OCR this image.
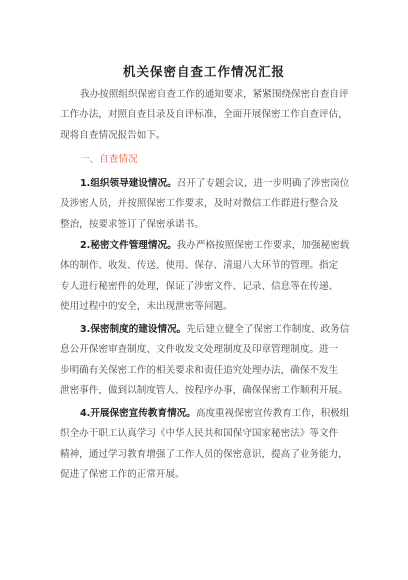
机关保密自查工作情况汇报
我办按照组织保密自查工作的通知要求，紧紧围绕保密自查自评
工作办法，对照自查目录及自评标准，全面开展保密工作自查评估，
现将自查情况报告如下。
一、自查情况
1.组织领导建设情况。召开了专题会议，进一步明确了涉密岗位
及涉密人员，并按照保密工作要求，及时对微信工作群进行整合及
整治，按要求签订了保密承诺书。
2.秘密文件管理情况。我办严格按照保密工作要求，加强秘密载
体的制作、收发、传送、使用、保存、清退八大环节的管理。指定
专人进行秘密件的处理，保证了涉密文件、记录、信息等在传递、
使用过程中的安全，未出现泄密等问题。
3.保密制度的建设情况。先后建立健全了保密工作制度、政务信
息公开保密审查制度、文件收发文处理制度及印章管理制度。进一
步明确有关保密工作的相关要求和责任追究处理办法，确保不发生
泄密事件，做到以制度管人、按程序办事，确保保密工作顺利开展。
4.开展保密宣传教育情况。高度重视保密宣传教育工作，积极组
织全办干职工认真学习《中华人民共和国保守国家秘密法》等文件
精神，通过学习教育增强了工作人员的保密意识，提高了业务能力，
促进了保密工作的正常开展。
